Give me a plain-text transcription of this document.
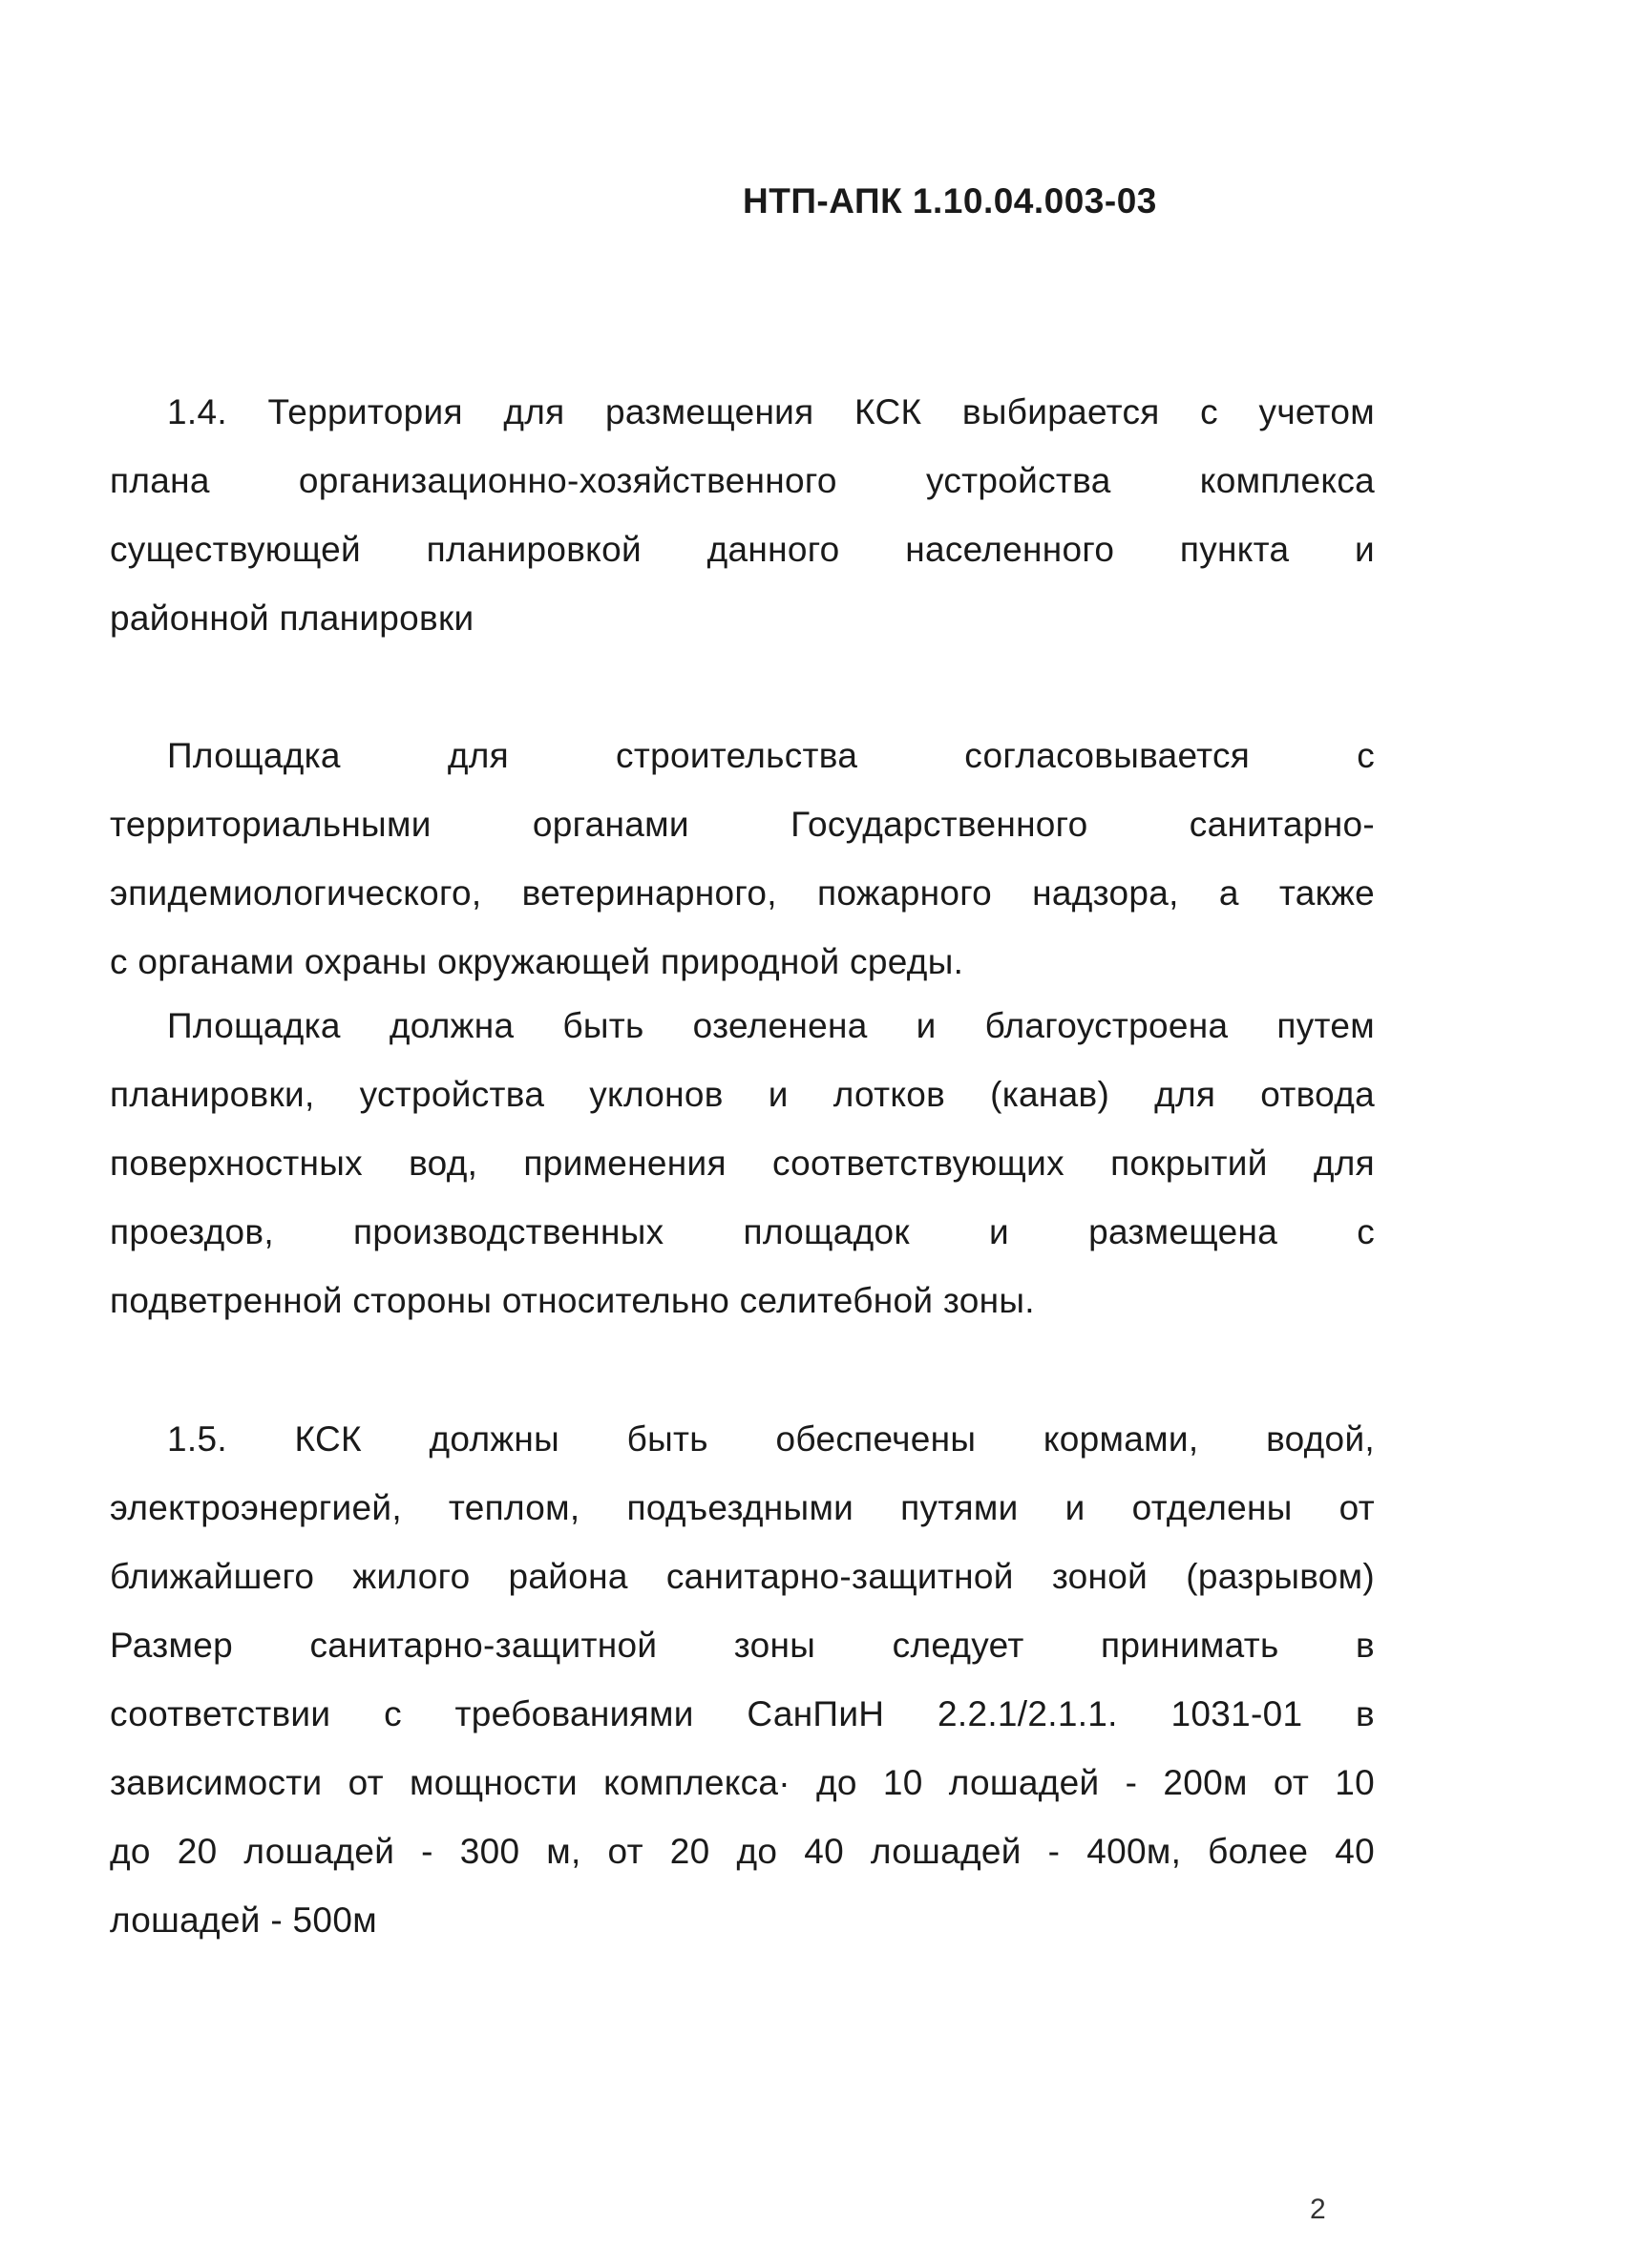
НТП-АПК 1.10.04.003-03
1.4. Территория для размещения КСК выбирается с учетом
плана организационно-хозяйственного устройства комплекса
существующей планировкой данного населенного пункта и
районной планировки
Площадка для строительства согласовывается с
территориальными органами Государственного санитарно-
эпидемиологического, ветеринарного, пожарного надзора, а также
с органами охраны окружающей природной среды.
Площадка должна быть озеленена и благоустроена путем
планировки, устройства уклонов и лотков (канав) для отвода
поверхностных вод, применения соответствующих покрытий для
проездов, производственных площадок и размещена с
подветренной стороны относительно селитебной зоны.
1.5. КСК должны быть обеспечены кормами, водой,
электроэнергией, теплом, подъездными путями и отделены от
ближайшего жилого района санитарно-защитной зоной (разрывом)
Размер санитарно-защитной зоны следует принимать в
соответствии с требованиями СанПиН 2.2.1/2.1.1. 1031-01 в
зависимости от мощности комплекса· до 10 лошадей - 200м от 10
до 20 лошадей - 300 м, от 20 до 40 лошадей - 400м, более 40
лошадей - 500м
2
